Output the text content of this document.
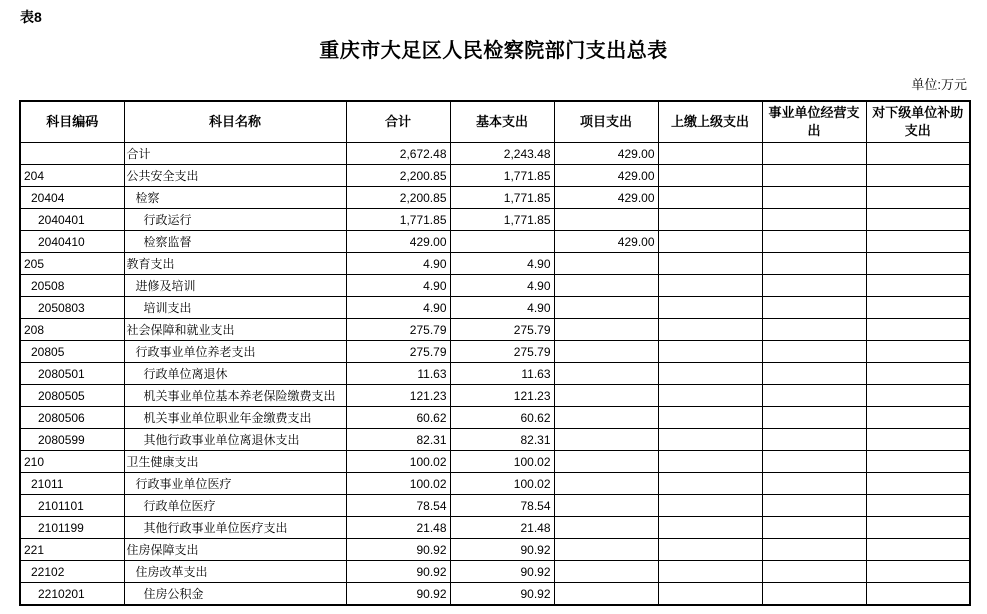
表8
重庆市大足区人民检察院部门支出总表
单位:万元
科目编码	科目名称	合计	基本支出	项目支出	上缴上级支出	事业单位经营支出	对下级单位补助支出
	合计	2,672.48	2,243.48	429.00			
204	公共安全支出	2,200.85	1,771.85	429.00			
20404	检察	2,200.85	1,771.85	429.00			
2040401	行政运行	1,771.85	1,771.85				
2040410	检察监督	429.00		429.00			
205	教育支出	4.90	4.90				
20508	进修及培训	4.90	4.90				
2050803	培训支出	4.90	4.90				
208	社会保障和就业支出	275.79	275.79				
20805	行政事业单位养老支出	275.79	275.79				
2080501	行政单位离退休	11.63	11.63				
2080505	机关事业单位基本养老保险缴费支出	121.23	121.23				
2080506	机关事业单位职业年金缴费支出	60.62	60.62				
2080599	其他行政事业单位离退休支出	82.31	82.31				
210	卫生健康支出	100.02	100.02				
21011	行政事业单位医疗	100.02	100.02				
2101101	行政单位医疗	78.54	78.54				
2101199	其他行政事业单位医疗支出	21.48	21.48				
221	住房保障支出	90.92	90.92				
22102	住房改革支出	90.92	90.92				
2210201	住房公积金	90.92	90.92				
